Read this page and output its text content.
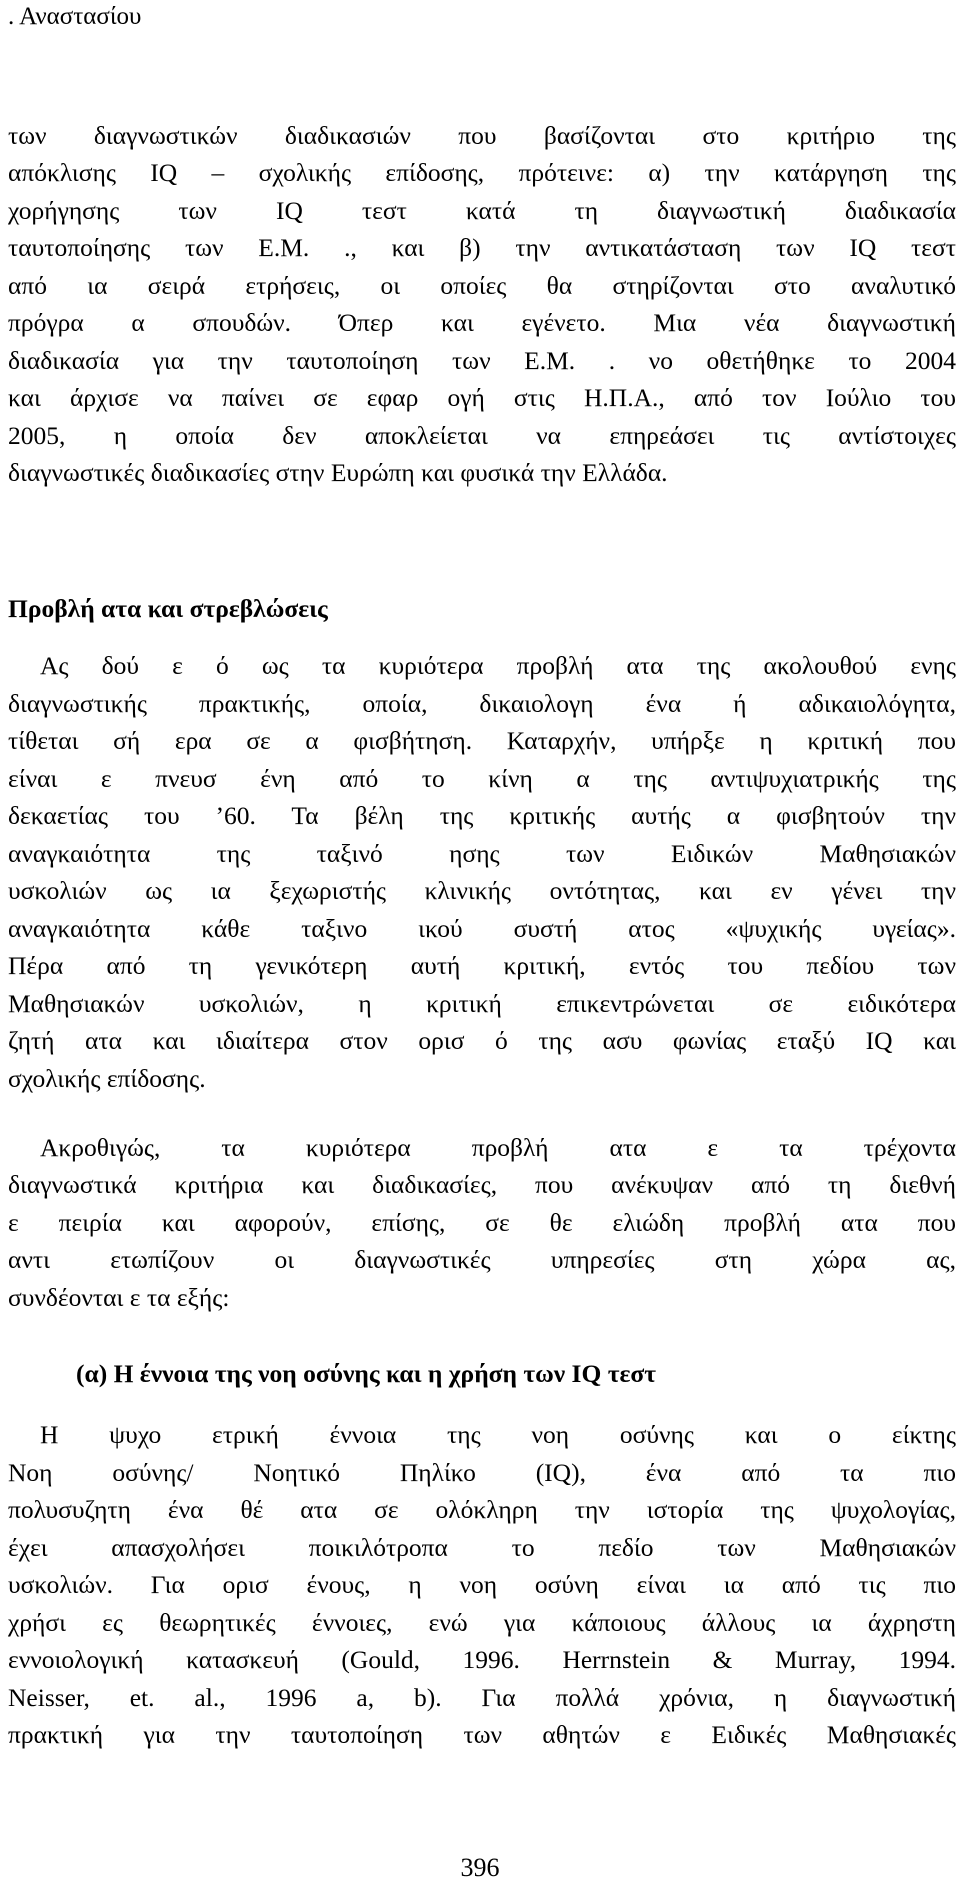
. Αναστασίου
των διαγνωστικών διαδικασιών που βασίζονται στο κριτήριο της
απόκλισης IQ – σχολικής επίδοσης, πρότεινε: α) την κατάργηση της
χορήγησης των IQ τεστ κατά τη διαγνωστική διαδικασία
ταυτοποίησης των Ε.Μ. ., και β) την αντικατάσταση των IQ τεστ
από ια σειρά ετρήσεις, οι οποίες θα στηρίζονται στο αναλυτικό
πρόγρα α σπουδών. Όπερ και εγένετο. Μια νέα διαγνωστική
διαδικασία για την ταυτοποίηση των Ε.Μ. . νο οθετήθηκε το 2004
και άρχισε να παίνει σε εφαρ ογή στις Η.Π.Α., από τον Ιούλιο του
2005, η οποία δεν αποκλείεται να επηρεάσει τις αντίστοιχες
διαγνωστικές διαδικασίες στην Ευρώπη και φυσικά την Ελλάδα.
Προβλή ατα και στρεβλώσεις
Ας δού ε ό ως τα κυριότερα προβλή ατα της ακολουθού ενης
διαγνωστικής πρακτικής, οποία, δικαιολογη ένα ή αδικαιολόγητα,
τίθεται σή ερα σε α φισβήτηση. Καταρχήν, υπήρξε η κριτική που
είναι ε πνευσ ένη από το κίνη α της αντιψυχιατρικής της
δεκαετίας του ’60. Τα βέλη της κριτικής αυτής α φισβητούν την
αναγκαιότητα της ταξινό ησης των Ειδικών Μαθησιακών
υσκολιών ως ια ξεχωριστής κλινικής οντότητας, και εν γένει την
αναγκαιότητα κάθε ταξινο ικού συστή ατος «ψυχικής υγείας».
Πέρα από τη γενικότερη αυτή κριτική, εντός του πεδίου των
Μαθησιακών υσκολιών, η κριτική επικεντρώνεται σε ειδικότερα
ζητή ατα και ιδιαίτερα στον ορισ ό της ασυ φωνίας εταξύ IQ και
σχολικής επίδοσης.
Ακροθιγώς, τα κυριότερα προβλή ατα ε τα τρέχοντα
διαγνωστικά κριτήρια και διαδικασίες, που ανέκυψαν από τη διεθνή
ε πειρία και αφορούν, επίσης, σε θε ελιώδη προβλή ατα που
αντι ετωπίζουν οι διαγνωστικές υπηρεσίες στη χώρα ας,
συνδέονται ε τα εξής:
(α) Η έννοια της νοη οσύνης και η χρήση των IQ τεστ
Η ψυχο ετρική έννοια της νοη οσύνης και ο είκτης
Νοη οσύνης/ Νοητικό Πηλίκο (IQ), ένα από τα πιο
πολυσυζητη ένα θέ ατα σε ολόκληρη την ιστορία της ψυχολογίας,
έχει απασχολήσει ποικιλότροπα το πεδίο των Μαθησιακών
υσκολιών. Για ορισ ένους, η νοη οσύνη είναι ια από τις πιο
χρήσι ες θεωρητικές έννοιες, ενώ για κάποιους άλλους ια άχρηστη
εννοιολογική κατασκευή (Gould, 1996. Herrnstein & Murray, 1994.
Neisser, et. al., 1996 a, b). Για πολλά χρόνια, η διαγνωστική
πρακτική για την ταυτοποίηση των αθητών ε Ειδικές Μαθησιακές
396
